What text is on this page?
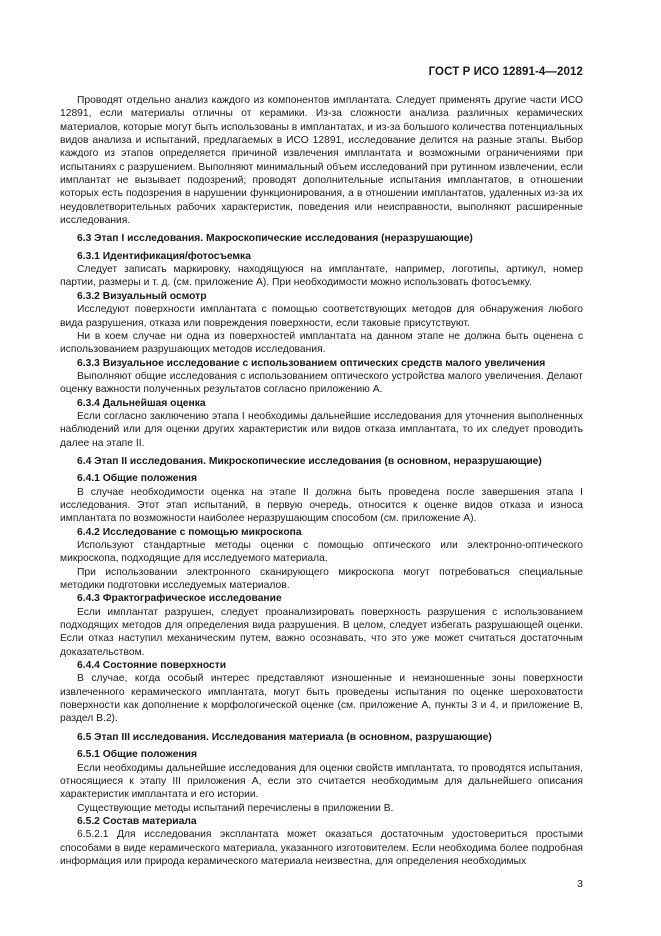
ГОСТ Р ИСО 12891-4—2012

Проводят отдельно анализ каждого из компонентов имплантата. Следует применять другие части ИСО 12891, если материалы отличны от керамики. Из-за сложности анализа различных керамических материалов, которые могут быть использованы в имплантатах, и из-за большого количества потенциальных видов анализа и испытаний, предлагаемых в ИСО 12891, исследование делится на разные этапы. Выбор каждого из этапов определяется причиной извлечения имплантата и возможными ограничениями при испытаниях с разрушением. Выполняют минимальный объем исследований при рутинном извлечении, если имплантат не вызывает подозрений; проводят дополнительные испытания имплантатов, в отношении которых есть подозрения в нарушении функционирования, а в отношении имплантатов, удаленных из-за их неудовлетворительных рабочих характеристик, поведения или неисправности, выполняют расширенные исследования.

6.3 Этап I исследования. Макроскопические исследования (неразрушающие)
6.3.1 Идентификация/фотосъемка

Следует записать маркировку, находящуюся на имплантате, например, логотипы, артикул, номер партии, размеры и т. д. (см. приложение А). При необходимости можно использовать фотосъемку.

6.3.2 Визуальный осмотр

Исследуют поверхности имплантата с помощью соответствующих методов для обнаружения любого вида разрушения, отказа или повреждения поверхности, если таковые присутствуют.

Ни в коем случае ни одна из поверхностей имплантата на данном этапе не должна быть оценена с использованием разрушающих методов исследования.

6.3.3 Визуальное исследование с использованием оптических средств малого увеличения

Выполняют общие исследования с использованием оптического устройства малого увеличения. Делают оценку важности полученных результатов согласно приложению А.

6.3.4 Дальнейшая оценка

Если согласно заключению этапа I необходимы дальнейшие исследования для уточнения выполненных наблюдений или для оценки других характеристик или видов отказа имплантата, то их следует проводить далее на этапе II.

6.4 Этап II исследования. Микроскопические исследования (в основном, неразрушающие)
6.4.1 Общие положения

В случае необходимости оценка на этапе II должна быть проведена после завершения этапа I исследования. Этот этап испытаний, в первую очередь, относится к оценке видов отказа и износа имплантата по возможности наиболее неразрушающим способом (см. приложение А).

6.4.2 Исследование с помощью микроскопа

Используют стандартные методы оценки с помощью оптического или электронно-оптического микроскопа, подходящие для исследуемого материала.

При использовании электронного сканирующего микроскопа могут потребоваться специальные методики подготовки исследуемых материалов.

6.4.3 Фрактографическое исследование

Если имплантат разрушен, следует проанализировать поверхность разрушения с использованием подходящих методов для определения вида разрушения. В целом, следует избегать разрушающей оценки. Если отказ наступил механическим путем, важно осознавать, что это уже может считаться достаточным доказательством.

6.4.4 Состояние поверхности

В случае, когда особый интерес представляют изношенные и неизношенные зоны поверхности извлеченного керамического имплантата, могут быть проведены испытания по оценке шероховатости поверхности как дополнение к морфологической оценке (см. приложение А, пункты 3 и 4, и приложение В, раздел В.2).

6.5 Этап III исследования. Исследования материала (в основном, разрушающие)
6.5.1 Общие положения

Если необходимы дальнейшие исследования для оценки свойств имплантата, то проводятся испытания, относящиеся к этапу III приложения А, если это считается необходимым для дальнейшего описания характеристик имплантата и его истории.

Существующие методы испытаний перечислены в приложении В.

6.5.2 Состав материала

6.5.2.1 Для исследования эксплантата может оказаться достаточным удостовериться простыми способами в виде керамического материала, указанного изготовителем. Если необходима более подробная информация или природа керамического материала неизвестна, для определения необходимых

3
